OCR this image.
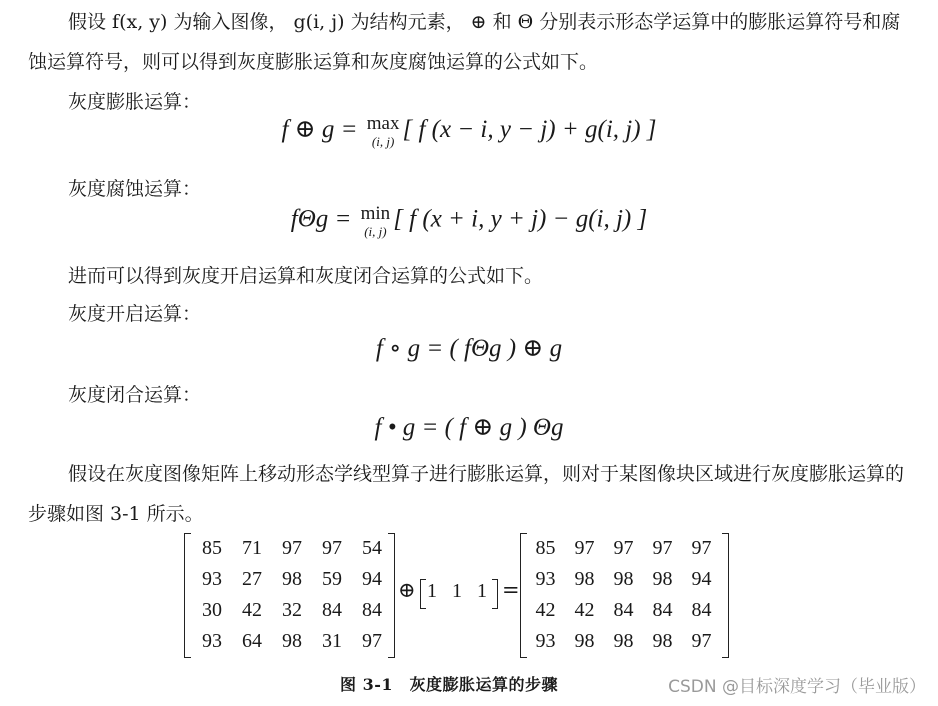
假设 f(x, y) 为输入图像， g(i, j) 为结构元素， ⊕ 和 Θ 分别表示形态学运算中的膨胀运算符号和腐蚀运算符号，则可以得到灰度膨胀运算和灰度腐蚀运算的公式如下。

灰度膨胀运算：
f ⊕ g = max
(i, j) [ f (x − i, y − j) + g(i, j) ]
灰度腐蚀运算：
fΘg = min
(i, j) [ f (x + i, y + j) − g(i, j) ]

进而可以得到灰度开启运算和灰度闭合运算的公式如下。

灰度开启运算：
f ∘ g = ( fΘg ) ⊕ g
灰度闭合运算：
f • g = ( f ⊕ g ) Θg

假设在灰度图像矩阵上移动形态学线型算子进行膨胀运算，则对于某图像块区域进行灰度膨胀运算的步骤如图 3-1 所示。

85	71	97	97	54
93	27	98	59	94
30	42	32	84	84
93	64	98	31	97
⊕ 1   1   1 =
85	97	97	97	97
93	98	98	98	94
42	42	84	84	84
93	98	98	98	97
图 3-1　灰度膨胀运算的步骤	CSDN @目标深度学习（毕业版）
